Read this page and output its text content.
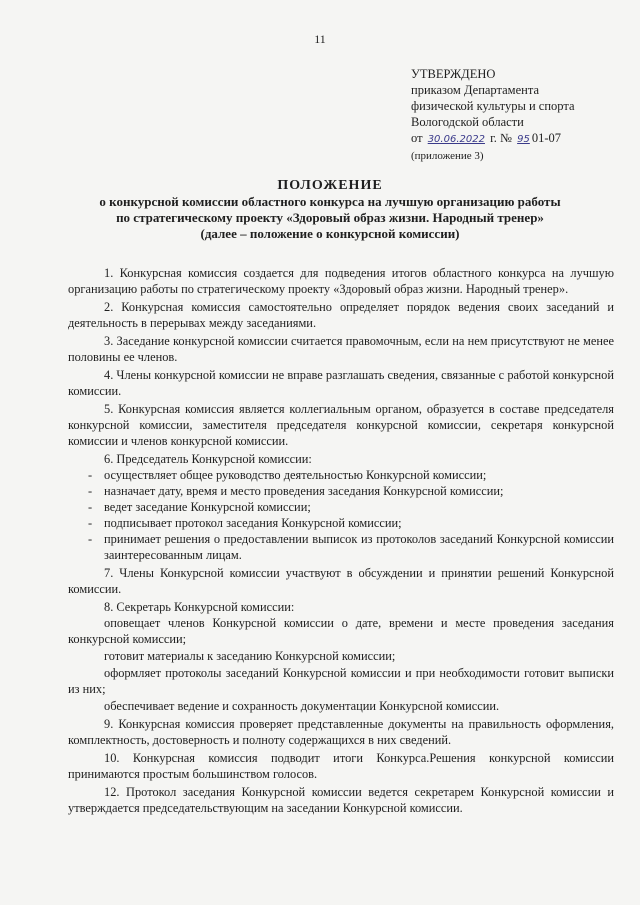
11
УТВЕРЖДЕНО
приказом Департамента
физической культуры и спорта
Вологодской области
от 30.06.2022 г. № 95 01-07
(приложение 3)
ПОЛОЖЕНИЕ
о конкурсной комиссии областного конкурса на лучшую организацию работы
по стратегическому проекту «Здоровый образ жизни. Народный тренер»
(далее – положение о конкурсной комиссии)

1. Конкурсная комиссия создается для подведения итогов областного конкурса на лучшую организацию работы по стратегическому проекту «Здоровый образ жизни. Народный тренер».

2. Конкурсная комиссия самостоятельно определяет порядок ведения своих заседаний и деятельность в перерывах между заседаниями.

3. Заседание конкурсной комиссии считается правомочным, если на нем присутствуют не менее половины ее членов.

4. Члены конкурсной комиссии не вправе разглашать сведения, связанные с работой конкурсной комиссии.

5. Конкурсная комиссия является коллегиальным органом, образуется в составе председателя конкурсной комиссии, заместителя председателя конкурсной комиссии, секретаря конкурсной комиссии и членов конкурсной комиссии.

6. Председатель Конкурсной комиссии:

- осуществляет общее руководство деятельностью Конкурсной комиссии;
- назначает дату, время и место проведения заседания Конкурсной комиссии;
- ведет заседание Конкурсной комиссии;
- подписывает протокол заседания Конкурсной комиссии;
- принимает решения о предоставлении выписок из протоколов заседаний Конкурсной комиссии заинтересованным лицам.

7. Члены Конкурсной комиссии участвуют в обсуждении и принятии решений Конкурсной комиссии.

8. Секретарь Конкурсной комиссии:

оповещает членов Конкурсной комиссии о дате, времени и месте проведения заседания конкурсной комиссии;

готовит материалы к заседанию Конкурсной комиссии;

оформляет протоколы заседаний Конкурсной комиссии и при необходимости готовит выписки из них;

обеспечивает ведение и сохранность документации Конкурсной комиссии.

9. Конкурсная комиссия проверяет представленные документы на правильность оформления, комплектность, достоверность и полноту содержащихся в них сведений.

10. Конкурсная комиссия подводит итоги Конкурса.Решения конкурсной комиссии принимаются простым большинством голосов.

12. Протокол заседания Конкурсной комиссии ведется секретарем Конкурсной комиссии и утверждается председательствующим на заседании Конкурсной комиссии.
